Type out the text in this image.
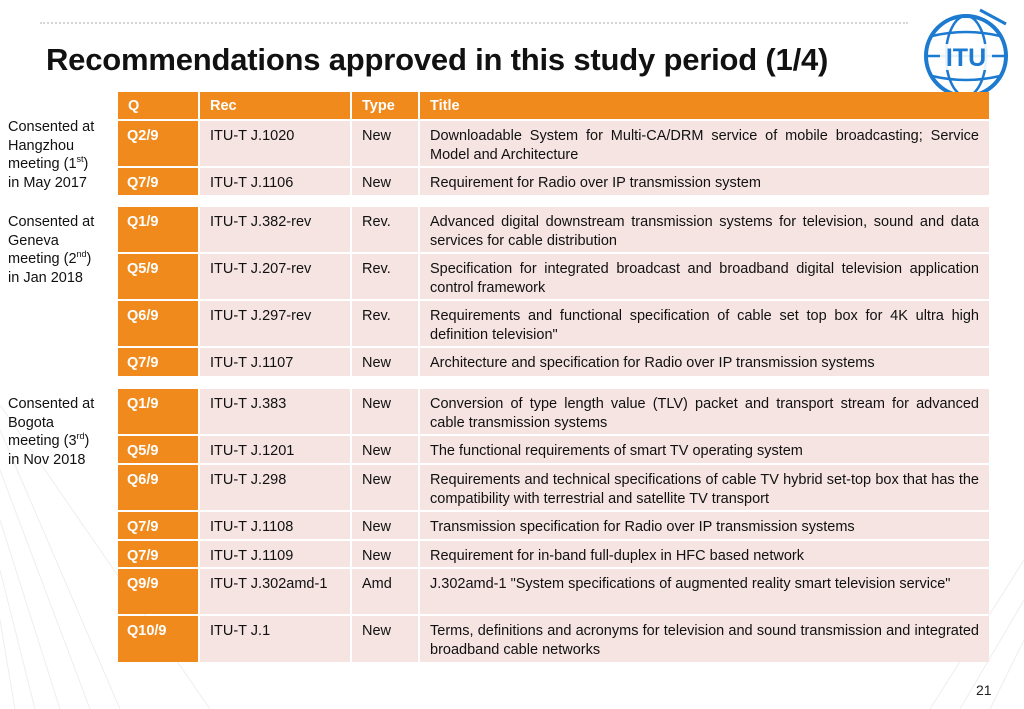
Recommendations approved in this study period (1/4)	ITU
Consented at
Hangzhou
meeting (1st)
in May 2017
Consented at
Geneva
meeting (2nd)
in Jan 2018
Consented at
Bogota
meeting (3rd)
in Nov 2018
Q	Rec	Type	Title
Q2/9	ITU-T J.1020	New	Downloadable System for Multi-CA/DRM service of mobile broadcasting; Service Model and Architecture
Q7/9	ITU-T J.1106	New	Requirement for Radio over IP transmission system
Q1/9	ITU-T J.382-rev	Rev.	Advanced digital downstream transmission systems for television, sound and data services for cable distribution
Q5/9	ITU-T J.207-rev	Rev.	Specification for integrated broadcast and broadband digital television application control framework
Q6/9	ITU-T J.297-rev	Rev.	Requirements and functional specification of cable set top box for 4K ultra high definition television"
Q7/9	ITU-T J.1107	New	Architecture and specification for Radio over IP transmission systems
Q1/9	ITU-T J.383	New	Conversion of type length value (TLV) packet and transport stream for advanced cable transmission systems
Q5/9	ITU-T J.1201	New	The functional requirements of smart TV operating system
Q6/9	ITU-T J.298	New	Requirements and technical specifications of cable TV hybrid set-top box that has the compatibility with terrestrial and satellite TV transport
Q7/9	ITU-T J.1108	New	Transmission specification for Radio over IP transmission systems
Q7/9	ITU-T J.1109	New	Requirement for in-band full-duplex in HFC based network
Q9/9	ITU-T J.302amd-1	Amd	J.302amd-1 "System specifications of augmented reality smart television service"
Q10/9	ITU-T J.1	New	Terms, definitions and acronyms for television and sound transmission and integrated broadband cable networks
21
